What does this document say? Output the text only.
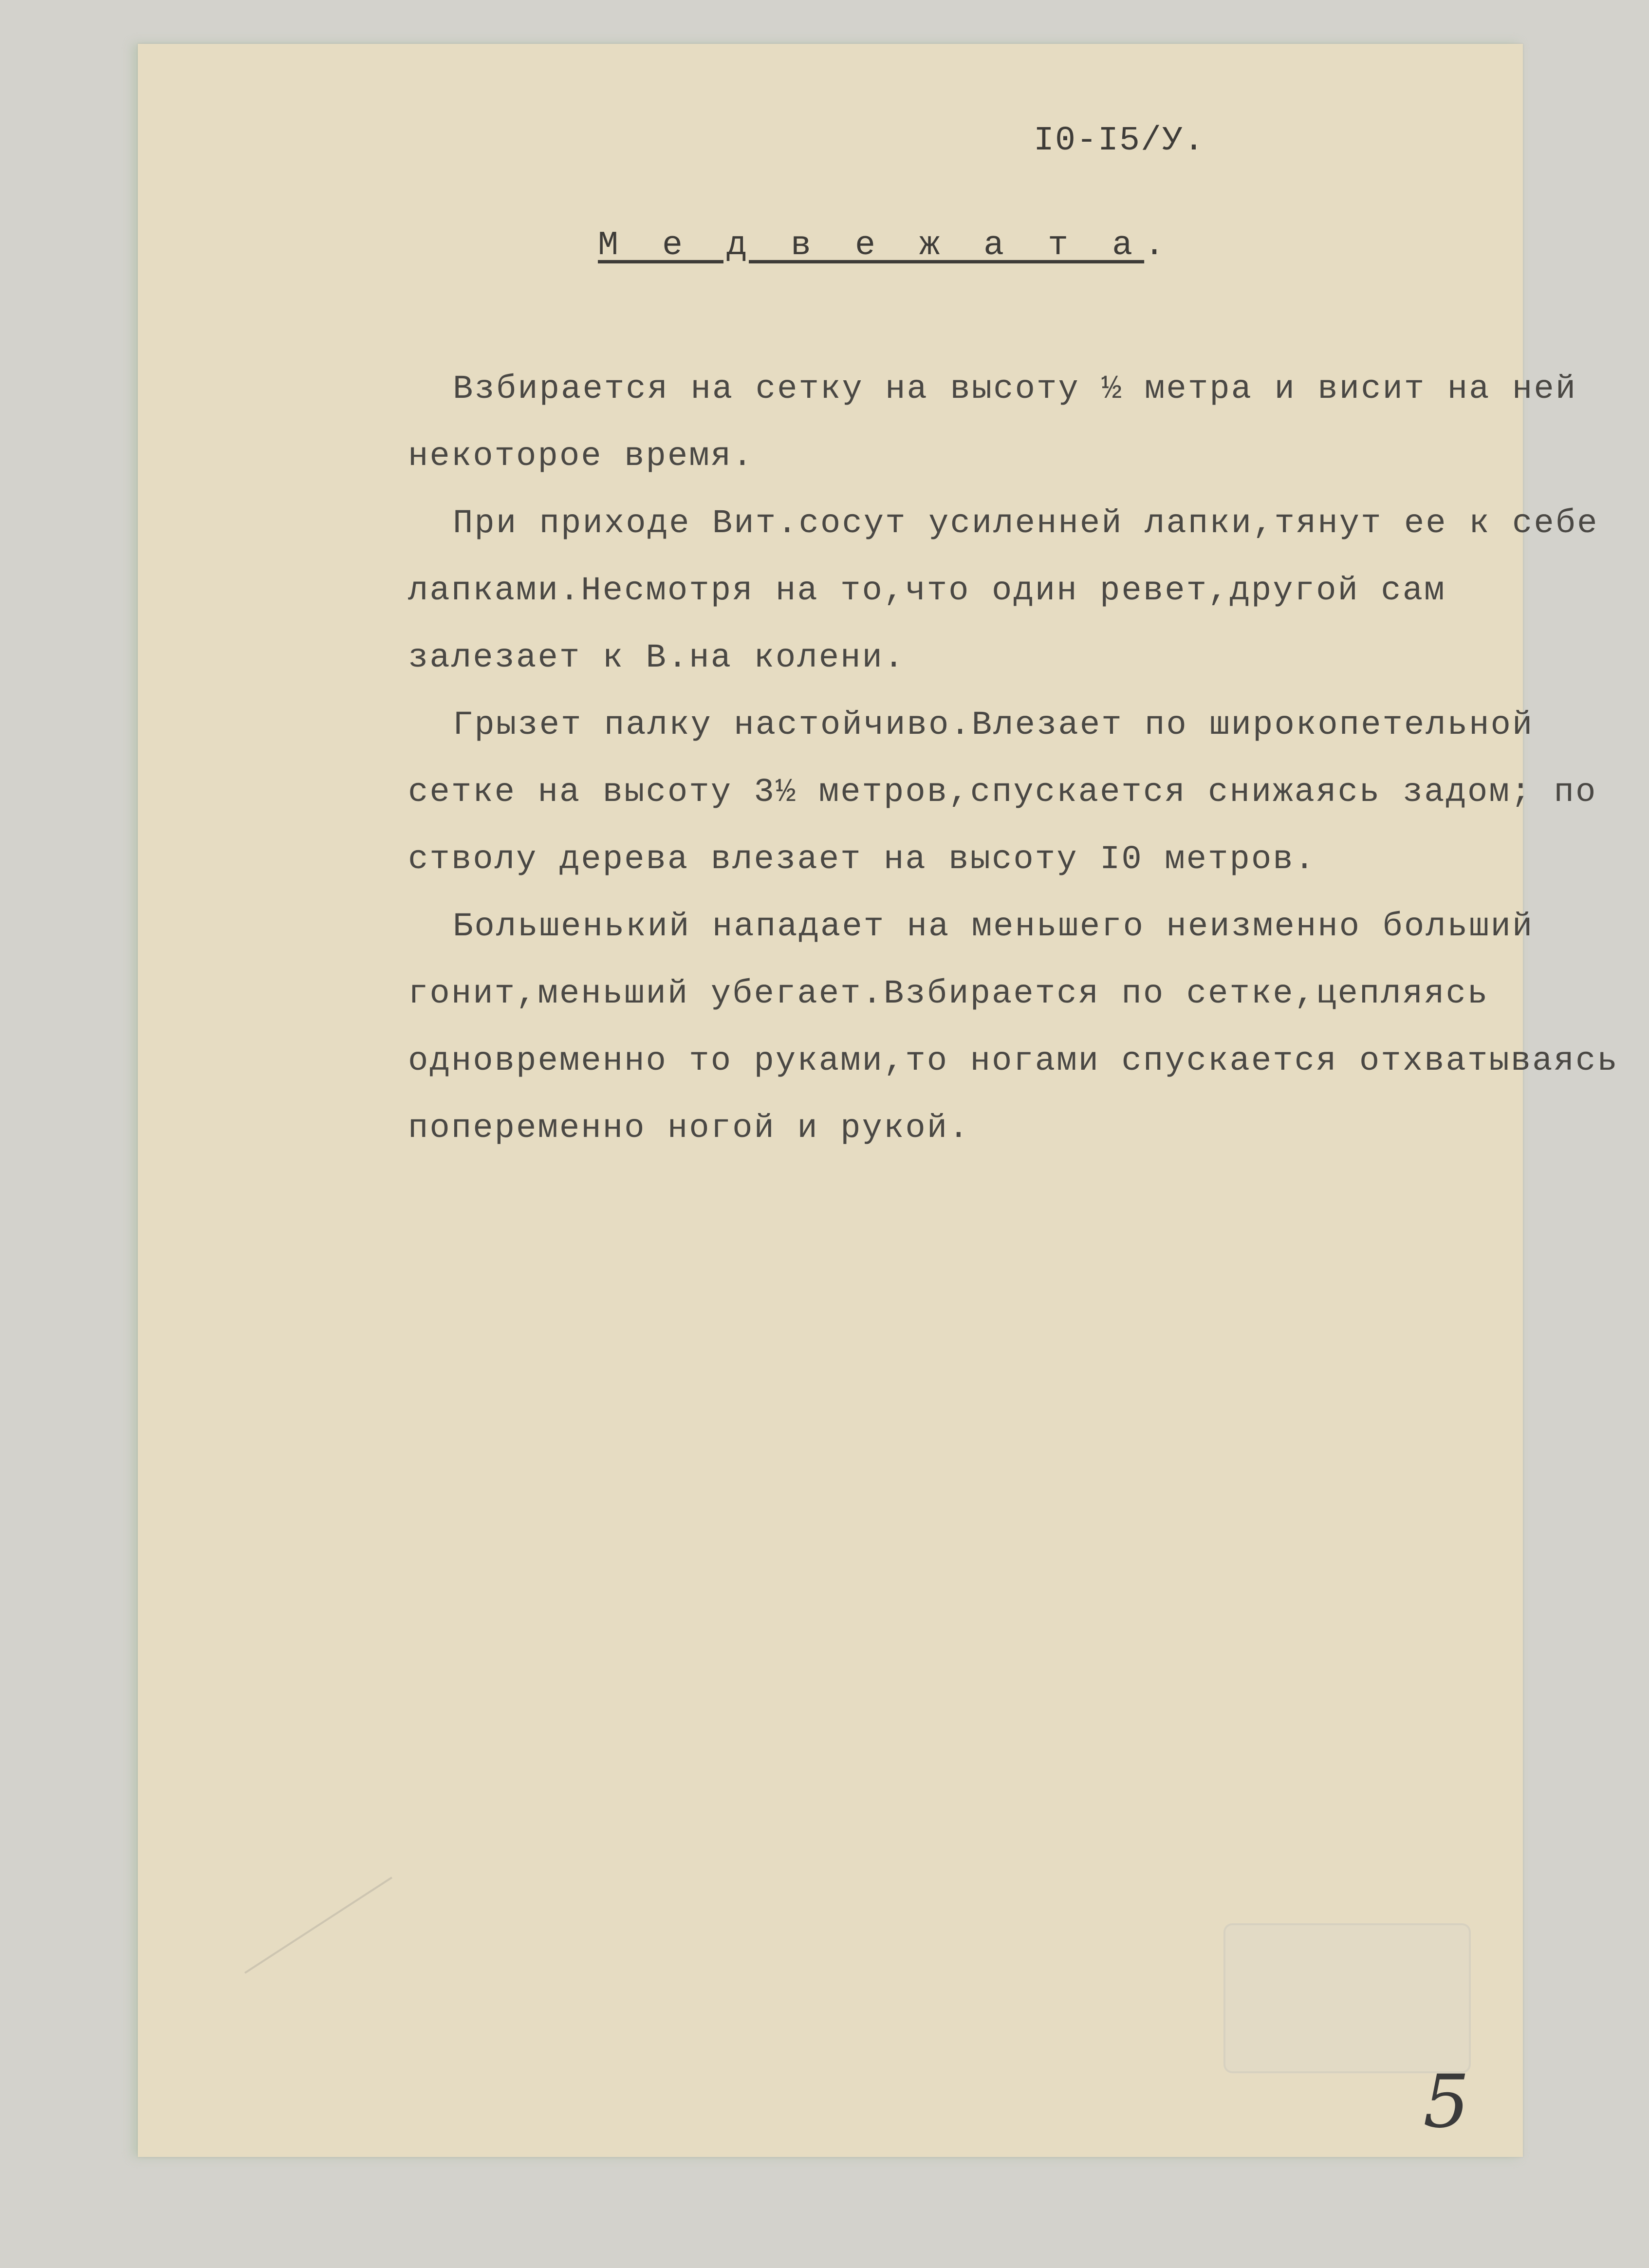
I0-I5/У.
М е д в е ж а т а.

Взбирается на сетку на высоту ½ метра и висит на ней некоторое время.

При приходе Вит.сосут усиленней лапки,тянут ее к себе лапками.Несмотря на то,что один ревет,другой сам залезает к В.на колени.

Грызет палку настойчиво.Влезает по широкопетельной сетке на высоту 3½ метров,спускается снижаясь задом; по стволу дерева влезает на высоту I0 метров.

Большенький нападает на меньшего неизменно больший гонит,меньший убегает.Взбирается по сетке,цепляясь одновременно то руками,то ногами спускается отхватываясь попеременно ногой и рукой.

5
